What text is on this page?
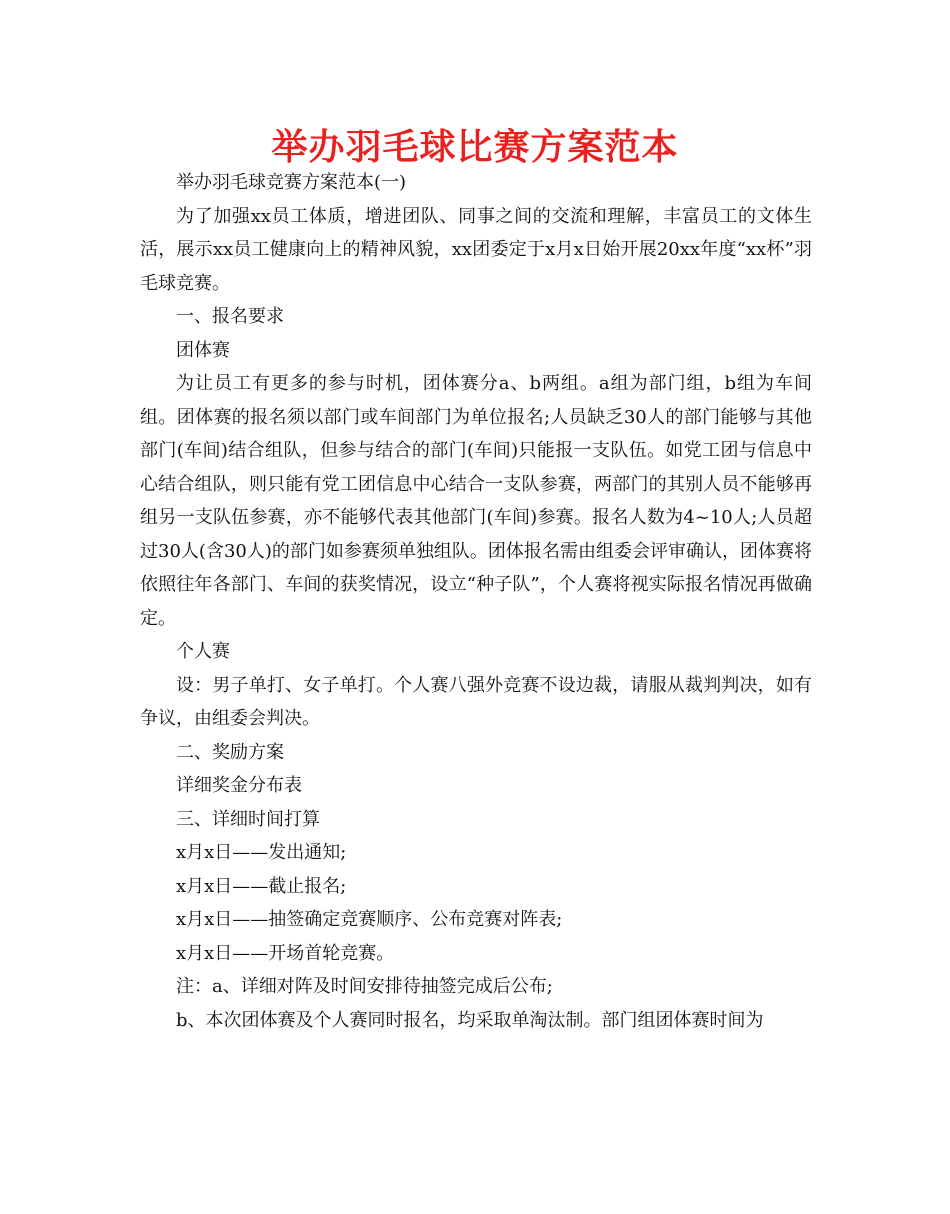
举办羽毛球比赛方案范本

举办羽毛球竞赛方案范本(一)

为了加强xx员工体质，增进团队、同事之间的交流和理解，丰富员工的文体生活，展示xx员工健康向上的精神风貌，xx团委定于x月x日始开展20xx年度“xx杯”羽毛球竞赛。

一、报名要求

团体赛

为让员工有更多的参与时机，团体赛分a、b两组。a组为部门组，b组为车间组。团体赛的报名须以部门或车间部门为单位报名;人员缺乏30人的部门能够与其他部门(车间)结合组队，但参与结合的部门(车间)只能报一支队伍。如党工团与信息中心结合组队，则只能有党工团信息中心结合一支队参赛，两部门的其别人员不能够再组另一支队伍参赛，亦不能够代表其他部门(车间)参赛。报名人数为4~10人;人员超过30人(含30人)的部门如参赛须单独组队。团体报名需由组委会评审确认，团体赛将依照往年各部门、车间的获奖情况，设立“种子队”，个人赛将视实际报名情况再做确定。

个人赛

设：男子单打、女子单打。个人赛八强外竞赛不设边裁，请服从裁判判决，如有争议，由组委会判决。

二、奖励方案

详细奖金分布表

三、详细时间打算

x月x日——发出通知;

x月x日——截止报名;

x月x日——抽签确定竞赛顺序、公布竞赛对阵表;

x月x日——开场首轮竞赛。

注：a、详细对阵及时间安排待抽签完成后公布;

b、本次团体赛及个人赛同时报名，均采取单淘汰制。部门组团体赛时间为
